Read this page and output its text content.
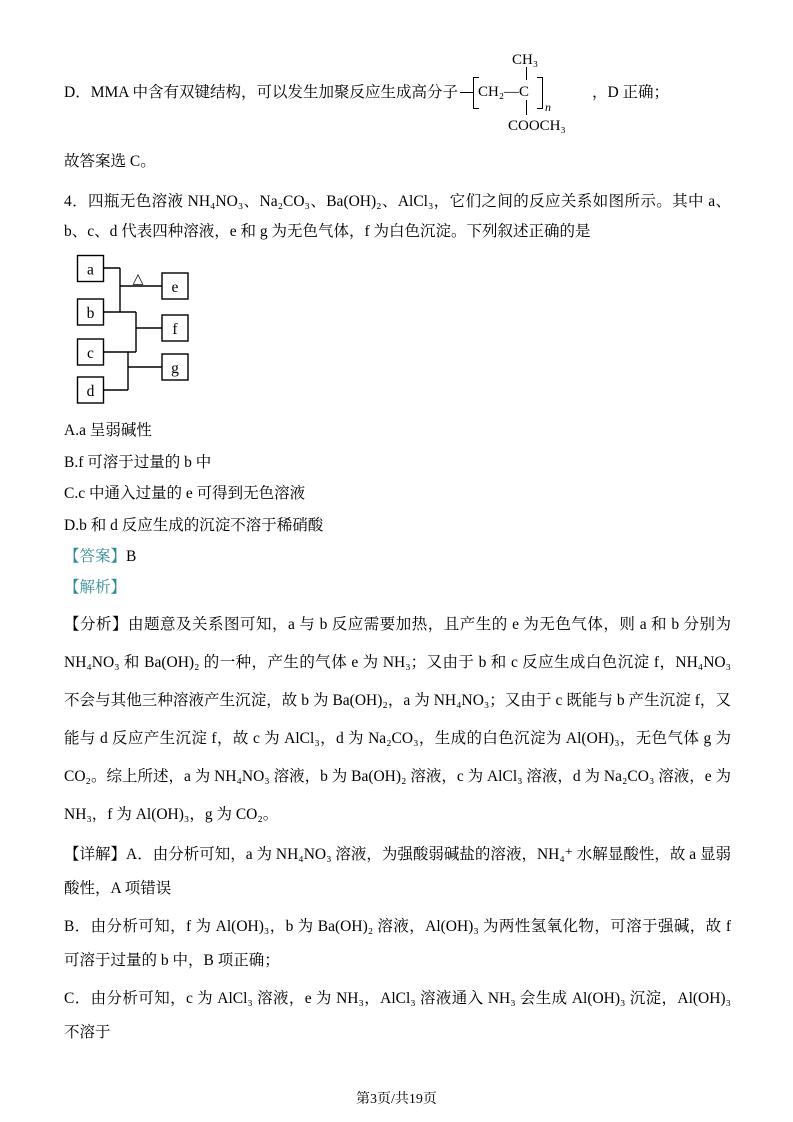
D．MMA 中含有双键结构，可以发生加聚反应生成高分子
CH₃
CH₂—C
n
COOCH₃
，D 正确；

故答案选 C。

4．四瓶无色溶液 NH₄NO₃、Na₂CO₃、Ba(OH)₂、AlCl₃，它们之间的反应关系如图所示。其中 a、b、c、d 代表四种溶液，e 和 g 为无色气体，f 为白色沉淀。下列叙述正确的是

a
b
c
d
e
f
g
△

A.a 呈弱碱性

B.f 可溶于过量的 b 中

C.c 中通入过量的 e 可得到无色溶液

D.b 和 d 反应生成的沉淀不溶于稀硝酸

【答案】B

【解析】

【分析】由题意及关系图可知，a 与 b 反应需要加热，且产生的 e 为无色气体，则 a 和 b 分别为 NH₄NO₃ 和 Ba(OH)₂ 的一种，产生的气体 e 为 NH₃；又由于 b 和 c 反应生成白色沉淀 f，NH₄NO₃ 不会与其他三种溶液产生沉淀，故 b 为 Ba(OH)₂，a 为 NH₄NO₃；又由于 c 既能与 b 产生沉淀 f，又能与 d 反应产生沉淀 f，故 c 为 AlCl₃，d 为 Na₂CO₃，生成的白色沉淀为 Al(OH)₃，无色气体 g 为 CO₂。综上所述，a 为 NH₄NO₃ 溶液，b 为 Ba(OH)₂ 溶液，c 为 AlCl₃ 溶液，d 为 Na₂CO₃ 溶液，e 为 NH₃，f 为 Al(OH)₃，g 为 CO₂。

【详解】A．由分析可知，a 为 NH₄NO₃ 溶液，为强酸弱碱盐的溶液，NH₄⁺ 水解显酸性，故 a 显弱酸性，A 项错误

B．由分析可知，f 为 Al(OH)₃，b 为 Ba(OH)₂ 溶液，Al(OH)₃ 为两性氢氧化物，可溶于强碱，故 f 可溶于过量的 b 中，B 项正确；

C．由分析可知，c 为 AlCl₃ 溶液，e 为 NH₃，AlCl₃ 溶液通入 NH₃ 会生成 Al(OH)₃ 沉淀，Al(OH)₃ 不溶于

第3页/共19页
